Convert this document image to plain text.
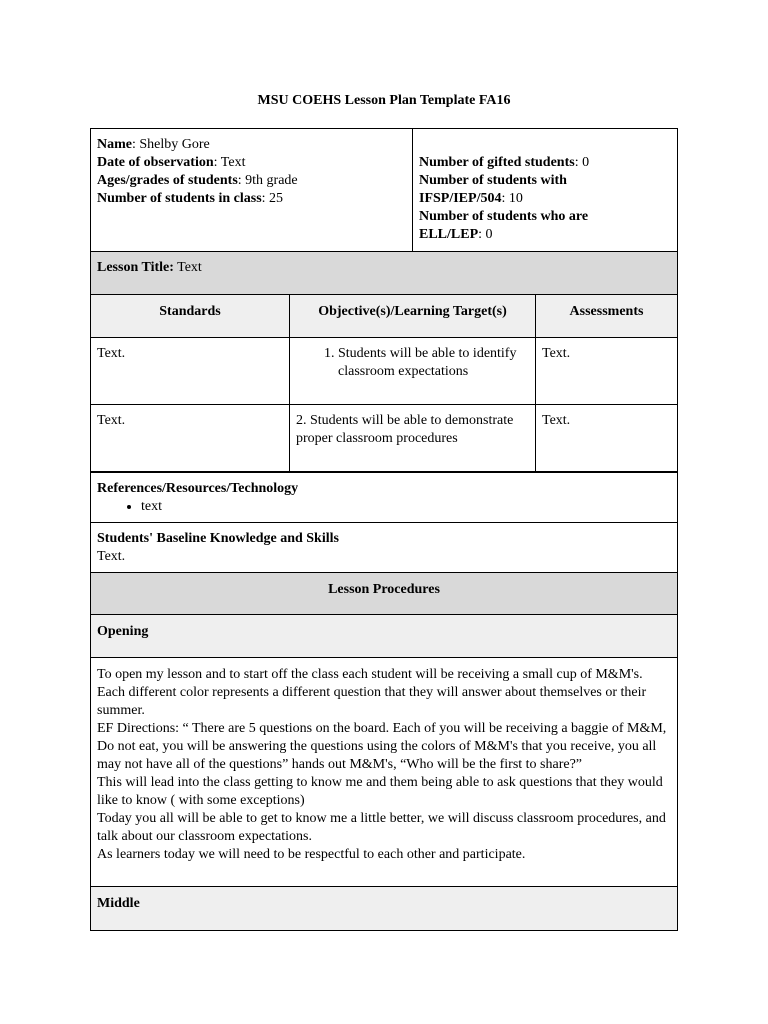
MSU COEHS Lesson Plan Template FA16
Name: Shelby Gore
Date of observation: Text
Ages/grades of students: 9th grade
Number of students in class: 25
Number of gifted students: 0
Number of students with
IFSP/IEP/504: 10
Number of students who are
ELL/LEP: 0
Lesson Title: Text
Standards	Objective(s)/Learning Target(s)	Assessments
Text.
1.	Students will be able to identify classroom expectations
Text.
Text.	2. Students will be able to demonstrate proper classroom procedures
Text.
References/Resources/Technology
• text
Students' Baseline Knowledge and Skills
Text.
Lesson Procedures
Opening

To open my lesson and to start off the class each student will be receiving a small cup of M&M's. Each different color represents a different question that they will answer about themselves or their summer.

EF Directions: “ There are 5 questions on the board. Each of you will be receiving a baggie of M&M, Do not eat, you will be answering the questions using the colors of M&M's that you receive, you all may not have all of the questions” hands out M&M's, “Who will be the first to share?”

This will lead into the class getting to know me and them being able to ask questions that they would like to know ( with some exceptions)

Today you all will be able to get to know me a little better, we will discuss classroom procedures, and talk about our classroom expectations.

As learners today we will need to be respectful to each other and participate.

Middle
